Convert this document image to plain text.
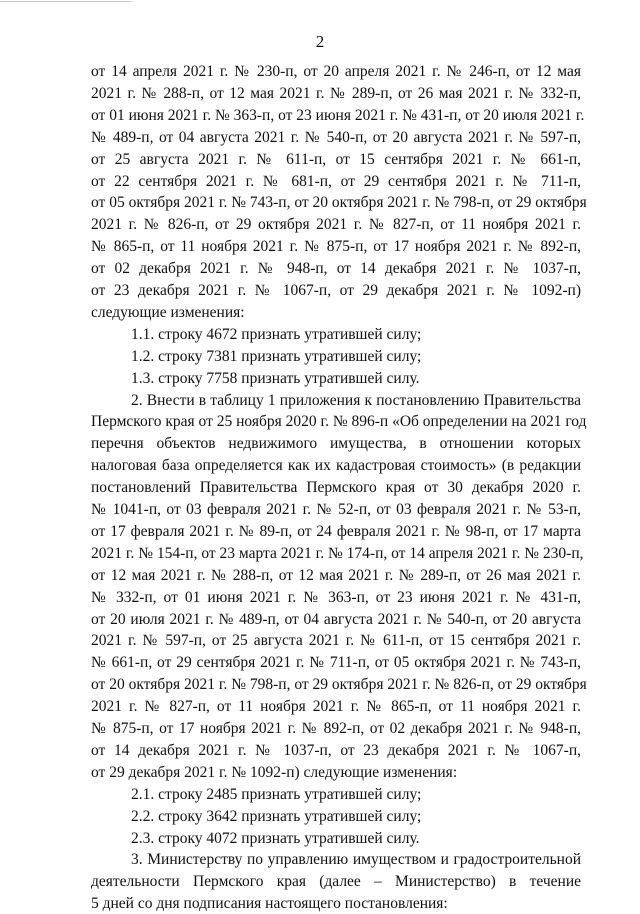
2
от 14 апреля 2021 г. № 230-п, от 20 апреля 2021 г. № 246-п, от 12 мая
2021 г. № 288-п, от 12 мая 2021 г. № 289-п, от 26 мая 2021 г. № 332-п,
от 01 июня 2021 г. № 363-п, от 23 июня 2021 г. № 431-п, от 20 июля 2021 г.
№ 489-п, от 04 августа 2021 г. № 540-п, от 20 августа 2021 г. № 597-п,
от 25 августа 2021 г. № 611-п, от 15 сентября 2021 г. № 661-п,
от 22 сентября 2021 г. № 681-п, от 29 сентября 2021 г. № 711-п,
от 05 октября 2021 г. № 743-п, от 20 октября 2021 г. № 798-п, от 29 октября
2021 г. № 826-п, от 29 октября 2021 г. № 827-п, от 11 ноября 2021 г.
№ 865-п, от 11 ноября 2021 г. № 875-п, от 17 ноября 2021 г. № 892-п,
от 02 декабря 2021 г. № 948-п, от 14 декабря 2021 г. № 1037-п,
от 23 декабря 2021 г. № 1067-п, от 29 декабря 2021 г. № 1092-п)
следующие изменения:
1.1. строку 4672 признать утратившей силу;
1.2. строку 7381 признать утратившей силу;
1.3. строку 7758 признать утратившей силу.
2. Внести в таблицу 1 приложения к постановлению Правительства
Пермского края от 25 ноября 2020 г. № 896-п «Об определении на 2021 год
перечня объектов недвижимого имущества, в отношении которых
налоговая база определяется как их кадастровая стоимость» (в редакции
постановлений Правительства Пермского края от 30 декабря 2020 г.
№ 1041-п, от 03 февраля 2021 г. № 52-п, от 03 февраля 2021 г. № 53-п,
от 17 февраля 2021 г. № 89-п, от 24 февраля 2021 г. № 98-п, от 17 марта
2021 г. № 154-п, от 23 марта 2021 г. № 174-п, от 14 апреля 2021 г. № 230-п,
от 12 мая 2021 г. № 288-п, от 12 мая 2021 г. № 289-п, от 26 мая 2021 г.
№ 332-п, от 01 июня 2021 г. № 363-п, от 23 июня 2021 г. № 431-п,
от 20 июля 2021 г. № 489-п, от 04 августа 2021 г. № 540-п, от 20 августа
2021 г. № 597-п, от 25 августа 2021 г. № 611-п, от 15 сентября 2021 г.
№ 661-п, от 29 сентября 2021 г. № 711-п, от 05 октября 2021 г. № 743-п,
от 20 октября 2021 г. № 798-п, от 29 октября 2021 г. № 826-п, от 29 октября
2021 г. № 827-п, от 11 ноября 2021 г. № 865-п, от 11 ноября 2021 г.
№ 875-п, от 17 ноября 2021 г. № 892-п, от 02 декабря 2021 г. № 948-п,
от 14 декабря 2021 г. № 1037-п, от 23 декабря 2021 г. № 1067-п,
от 29 декабря 2021 г. № 1092-п) следующие изменения:
2.1. строку 2485 признать утратившей силу;
2.2. строку 3642 признать утратившей силу;
2.3. строку 4072 признать утратившей силу.
3. Министерству по управлению имуществом и градостроительной
деятельности Пермского края (далее – Министерство) в течение
5 дней со дня подписания настоящего постановления:
